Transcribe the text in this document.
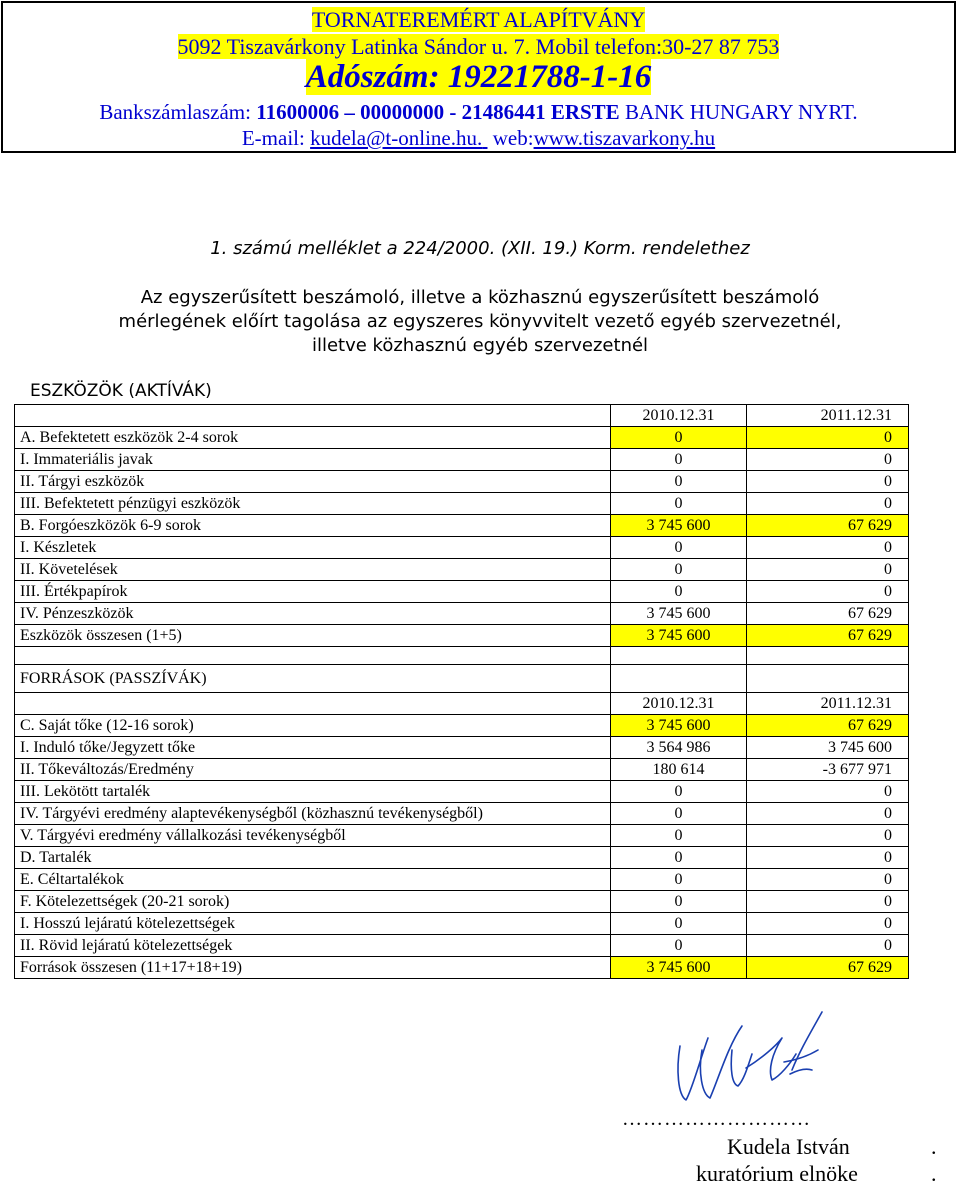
TORNATEREMÉRT ALAPÍTVÁNY
5092 Tiszavárkony Latinka Sándor u. 7. Mobil telefon:30-27 87 753
Adószám: 19221788-1-16
Bankszámlaszám: 11600006 – 00000000 - 21486441 ERSTE BANK HUNGARY NYRT.
E-mail: kudela@t-online.hu. web:www.tiszavarkony.hu
1. számú melléklet a 224/2000. (XII. 19.) Korm. rendelethez
Az egyszerűsített beszámoló, illetve a közhasznú egyszerűsített beszámoló
mérlegének előírt tagolása az egyszeres könyvvitelt vezető egyéb szervezetnél,
illetve közhasznú egyéb szervezetnél
ESZKÖZÖK (AKTÍVÁK)
	2010.12.31	2011.12.31
A. Befektetett eszközök 2-4 sorok	0	0
I. Immateriális javak	0	0
II. Tárgyi eszközök	0	0
III. Befektetett pénzügyi eszközök	0	0
B. Forgóeszközök 6-9 sorok	3 745 600	67 629
I. Készletek	0	0
II. Követelések	0	0
III. Értékpapírok	0	0
IV. Pénzeszközök	3 745 600	67 629
Eszközök összesen (1+5)	3 745 600	67 629

FORRÁSOK (PASSZÍVÁK)		
	2010.12.31	2011.12.31
C. Saját tőke (12-16 sorok)	3 745 600	67 629
I. Induló tőke/Jegyzett tőke	3 564 986	3 745 600
II. Tőkeváltozás/Eredmény	180 614	-3 677 971
III. Lekötött tartalék	0	0
IV. Tárgyévi eredmény alaptevékenységből (közhasznú tevékenységből)	0	0
V. Tárgyévi eredmény vállalkozási tevékenységből	0	0
D. Tartalék	0	0
E. Céltartalékok	0	0
F. Kötelezettségek (20-21 sorok)	0	0
I. Hosszú lejáratú kötelezettségek	0	0
II. Rövid lejáratú kötelezettségek	0	0
Források összesen (11+17+18+19)	3 745 600	67 629
………………………
Kudela István	.
kuratórium elnöke	.
